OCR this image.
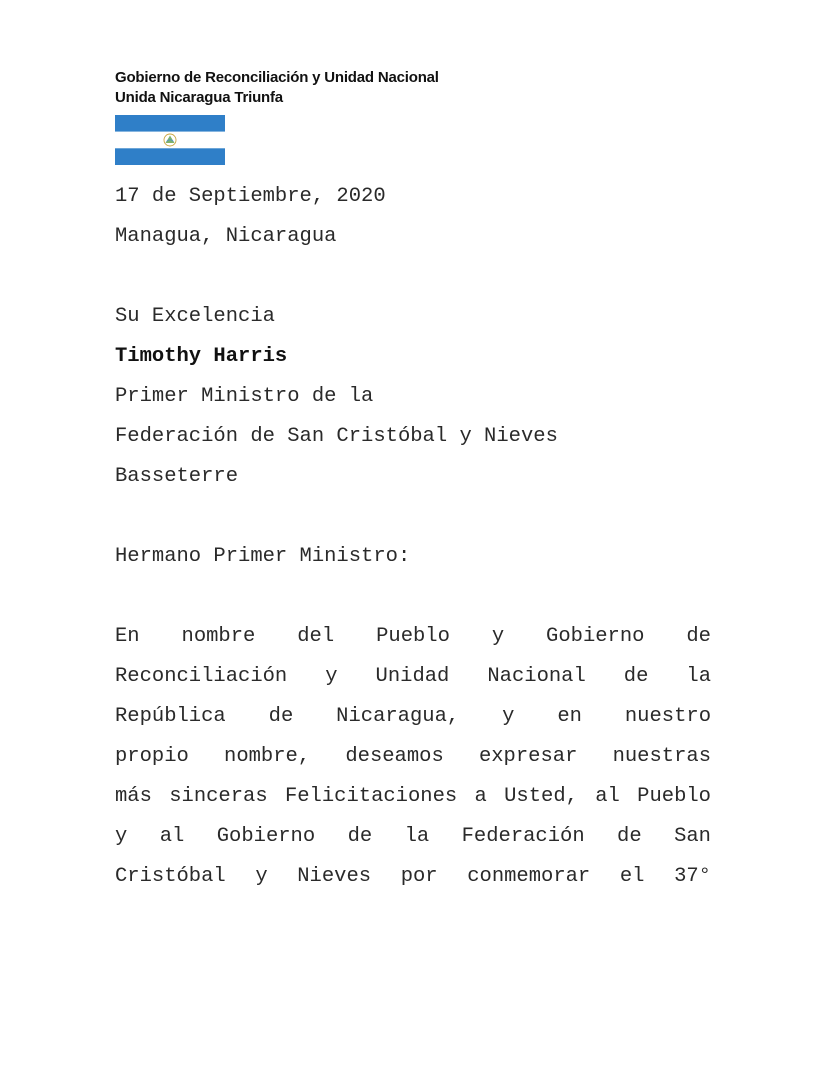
Gobierno de Reconciliación y Unidad Nacional
Unida Nicaragua Triunfa
17 de Septiembre, 2020
Managua, Nicaragua
Su Excelencia
Timothy Harris
Primer Ministro de la
Federación de San Cristóbal y Nieves
Basseterre
Hermano Primer Ministro:
En nombre del Pueblo y Gobierno de
Reconciliación y Unidad Nacional de la
República de Nicaragua, y en nuestro
propio nombre, deseamos expresar nuestras
más sinceras Felicitaciones a Usted, al Pueblo
y al Gobierno de la Federación de San
Cristóbal y Nieves por conmemorar el 37°
